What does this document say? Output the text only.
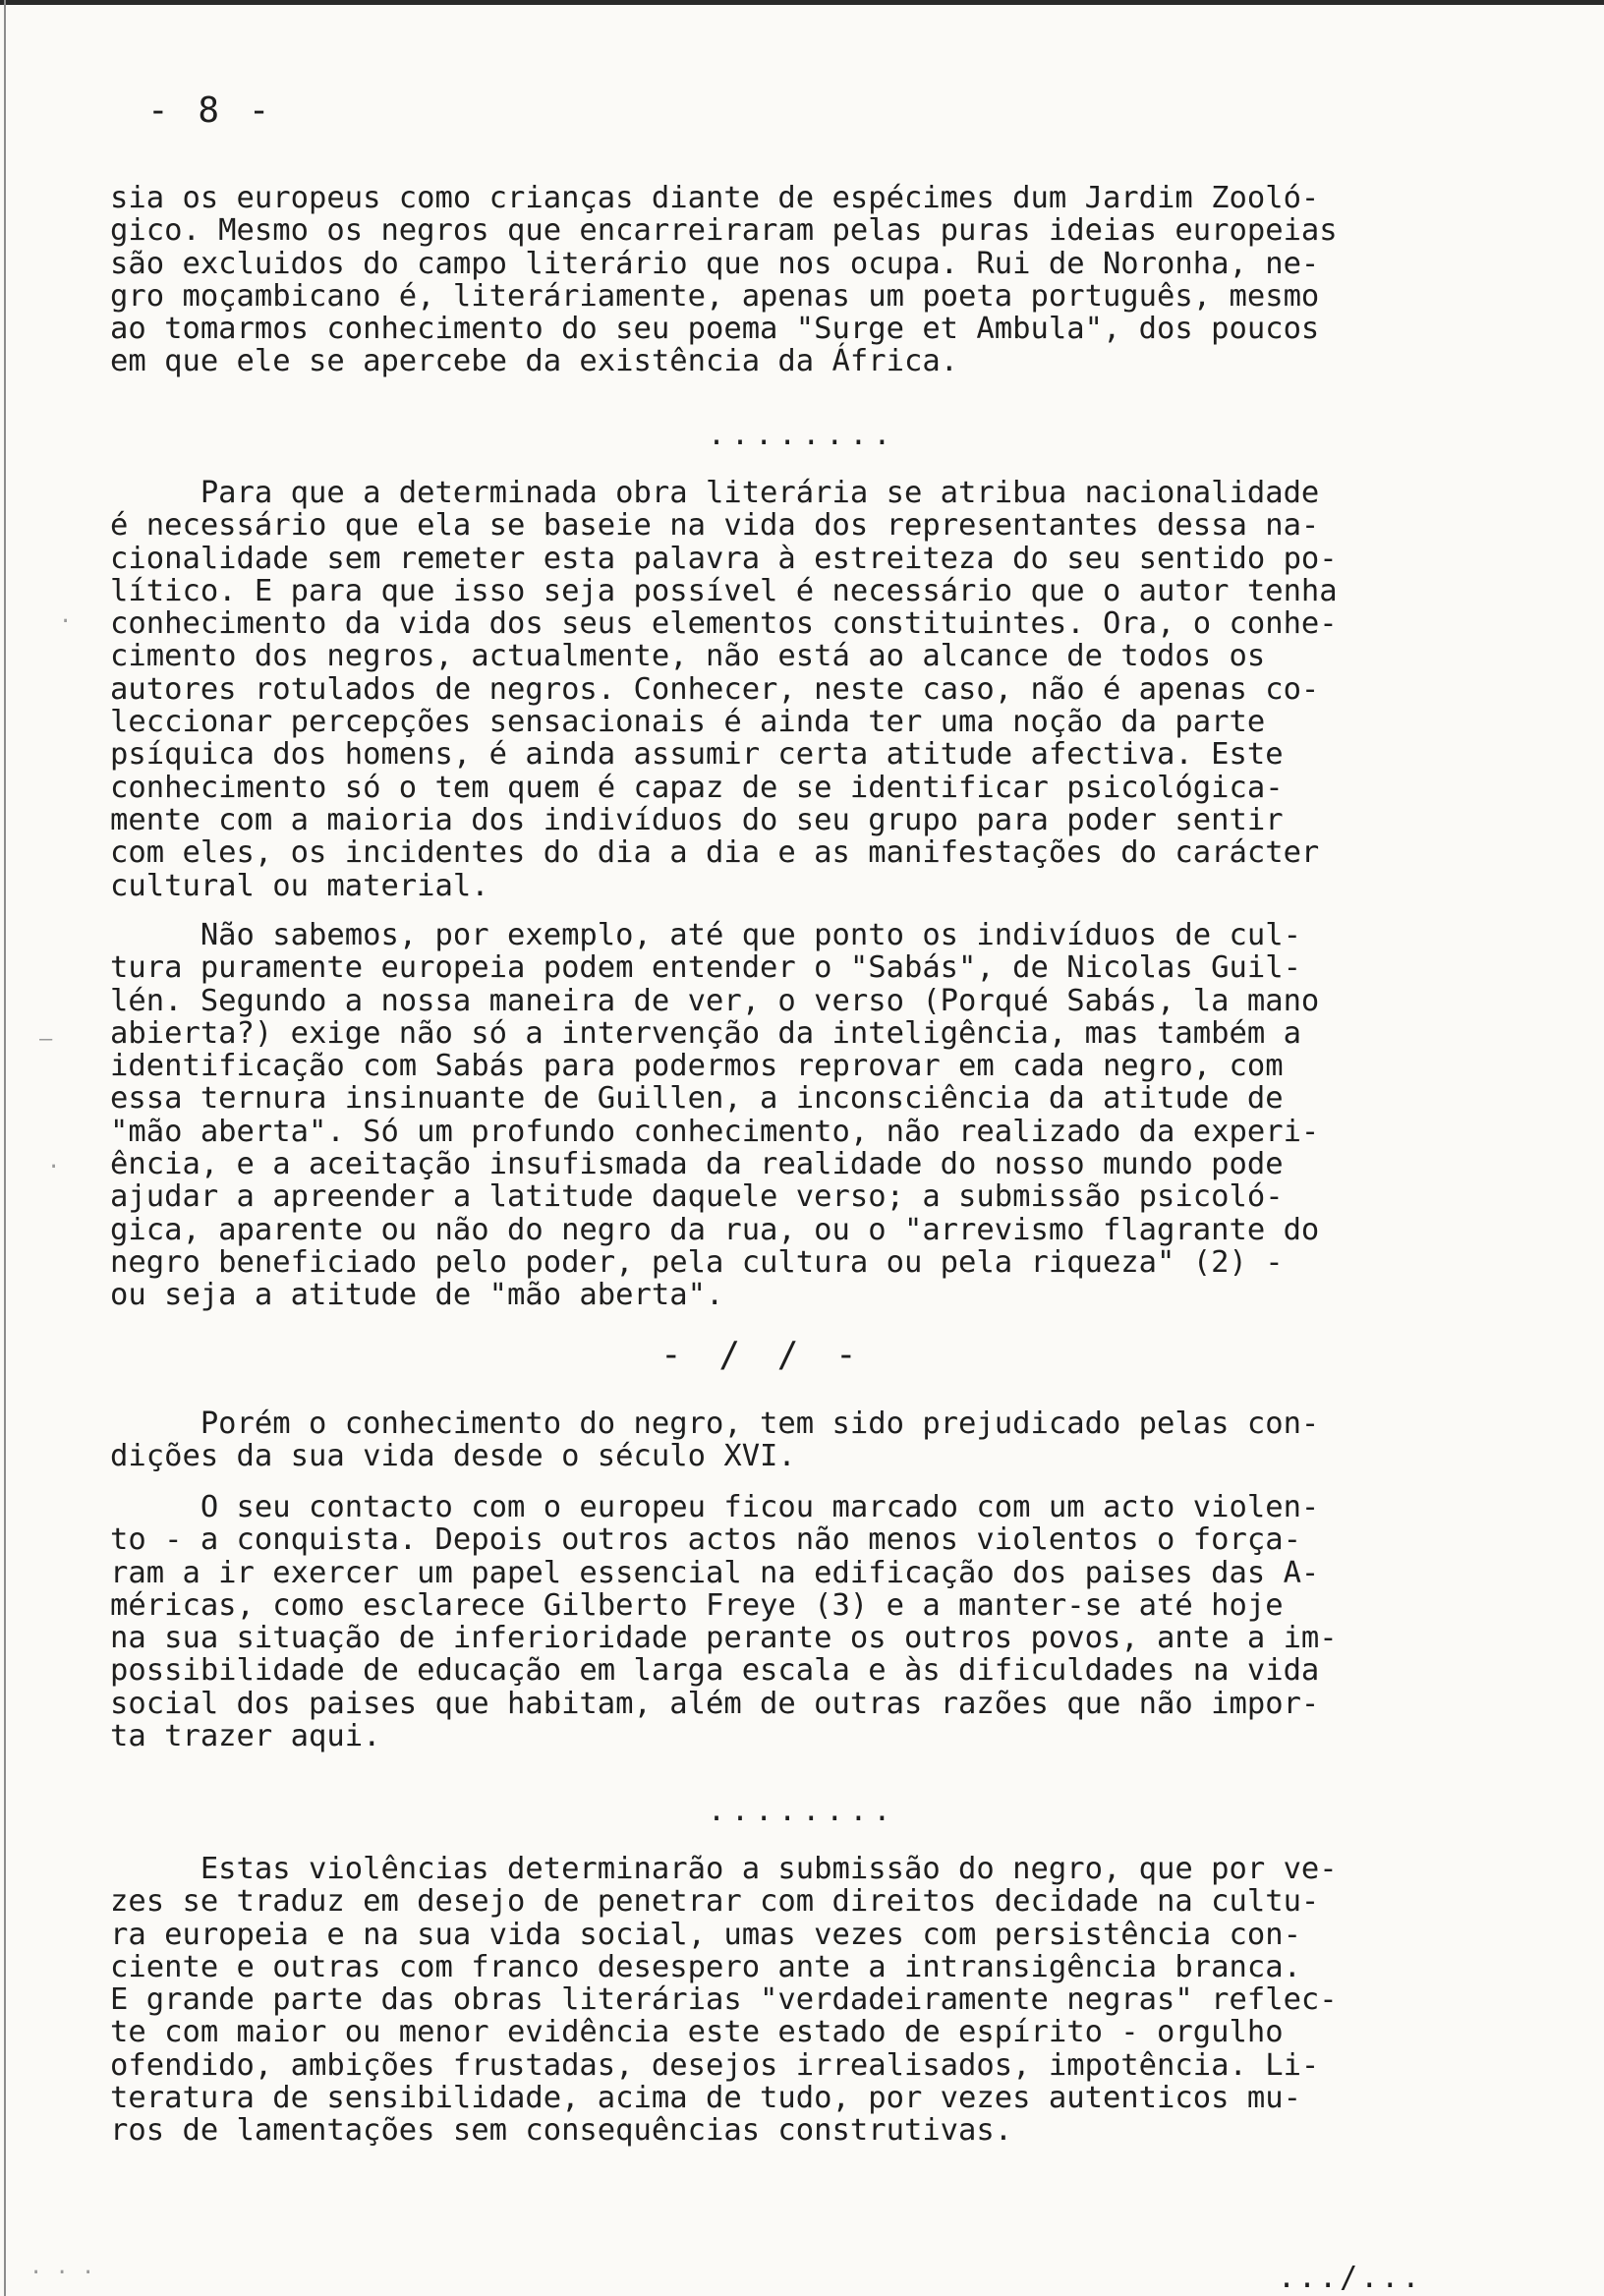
- 8 -
sia os europeus como crianças diante de espécimes dum Jardim Zooló-
gico. Mesmo os negros que encarreiraram pelas puras ideias europeias
são excluidos do campo literário que nos ocupa. Rui de Noronha, ne-
gro moçambicano é, literáriamente, apenas um poeta português, mesmo
ao tomarmos conhecimento do seu poema "Surge et Ambula", dos poucos
em que ele se apercebe da existência da África.
........
Para que a determinada obra literária se atribua nacionalidade
é necessário que ela se baseie na vida dos representantes dessa na-
cionalidade sem remeter esta palavra à estreiteza do seu sentido po-
lítico. E para que isso seja possível é necessário que o autor tenha
conhecimento da vida dos seus elementos constituintes. Ora, o conhe-
cimento dos negros, actualmente, não está ao alcance de todos os
autores rotulados de negros. Conhecer, neste caso, não é apenas co-
leccionar percepções sensacionais é ainda ter uma noção da parte
psíquica dos homens, é ainda assumir certa atitude afectiva. Este
conhecimento só o tem quem é capaz de se identificar psicológica-
mente com a maioria dos indivíduos do seu grupo para poder sentir
com eles, os incidentes do dia a dia e as manifestações do carácter
cultural ou material.
Não sabemos, por exemplo, até que ponto os indivíduos de cul-
tura puramente europeia podem entender o "Sabás", de Nicolas Guil-
lén. Segundo a nossa maneira de ver, o verso (Porqué Sabás, la mano
abierta?) exige não só a intervenção da inteligência, mas também a
identificação com Sabás para podermos reprovar em cada negro, com
essa ternura insinuante de Guillen, a inconsciência da atitude de
"mão aberta". Só um profundo conhecimento, não realizado da experi-
ência, e a aceitação insufismada da realidade do nosso mundo pode
ajudar a apreender a latitude daquele verso; a submissão psicoló-
gica, aparente ou não do negro da rua, ou o "arrevismo flagrante do
negro beneficiado pelo poder, pela cultura ou pela riqueza" (2) -
ou seja a atitude de "mão aberta".
- / / -
Porém o conhecimento do negro, tem sido prejudicado pelas con-
dições da sua vida desde o século XVI.
O seu contacto com o europeu ficou marcado com um acto violen-
to - a conquista. Depois outros actos não menos violentos o força-
ram a ir exercer um papel essencial na edificação dos paises das A-
méricas, como esclarece Gilberto Freye (3) e a manter-se até hoje
na sua situação de inferioridade perante os outros povos, ante a im-
possibilidade de educação em larga escala e às dificuldades na vida
social dos paises que habitam, além de outras razões que não impor-
ta trazer aqui.
........
Estas violências determinarão a submissão do negro, que por ve-
zes se traduz em desejo de penetrar com direitos decidade na cultu-
ra europeia e na sua vida social, umas vezes com persistência con-
ciente e outras com franco desespero ante a intransigência branca.
E grande parte das obras literárias "verdadeiramente negras" reflec-
te com maior ou menor evidência este estado de espírito - orgulho
ofendido, ambições frustadas, desejos irrealisados, impotência. Li-
teratura de sensibilidade, acima de tudo, por vezes autenticos mu-
ros de lamentações sem consequências construtivas.
.../...
·
—
·
· · ·
